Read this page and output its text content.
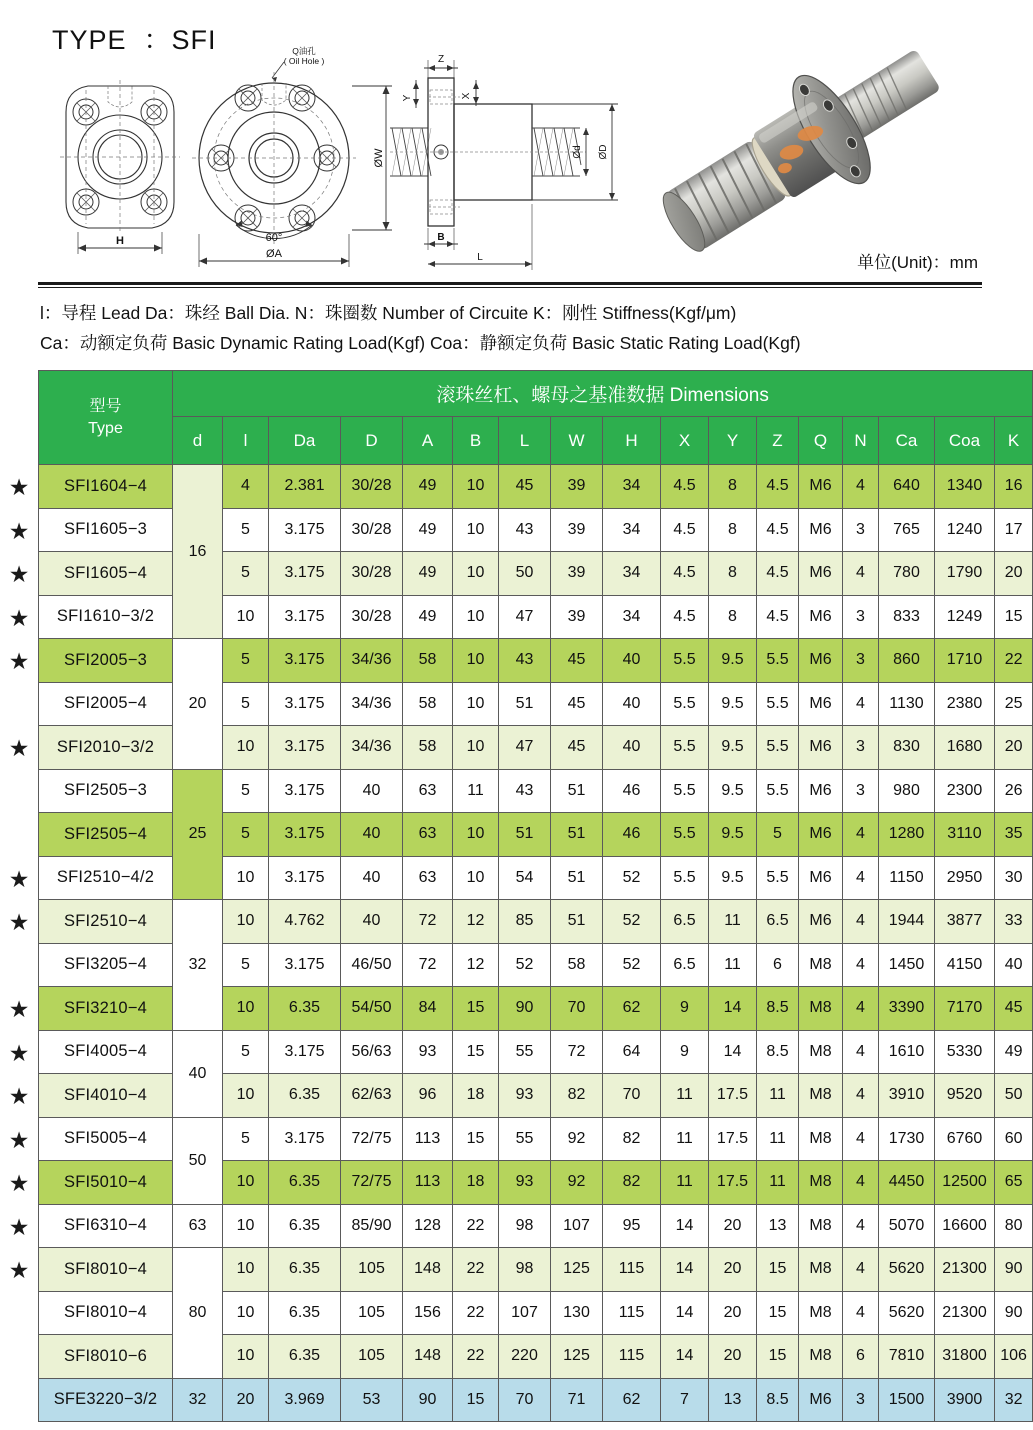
TYPE  ：SFI
H
Q油孔
( Oil Hole )
60°
ØA
ØW
Z
Y	X
Ød ØD
B
L	单位(Unit)：mm
l：导程 Lead Da：珠经 Ball Dia. N：珠圈数 Number of Circuite K：刚性 Stiffness(Kgf/μm)
Ca：动额定负荷 Basic Dynamic Rating Load(Kgf) Coa：静额定负荷 Basic Static Rating Load(Kgf)
★
★
★
★
★
★
★
★
★
★
★
★
★
★
★
型号
Type	滚珠丝杠、螺母之基准数据 Dimensions																
	d	l	Da	D	A	B	L	W	H	X	Y	Z	Q	N	Ca	Coa	K
SFI1604−4	16	4	2.381	30/28	49	10	45	39	34	4.5	8	4.5	M6	4	640	1340	16
SFI1605−3		5	3.175	30/28	49	10	43	39	34	4.5	8	4.5	M6	3	765	1240	17
SFI1605−4		5	3.175	30/28	49	10	50	39	34	4.5	8	4.5	M6	4	780	1790	20
SFI1610−3/2		10	3.175	30/28	49	10	47	39	34	4.5	8	4.5	M6	3	833	1249	15
SFI2005−3	20	5	3.175	34/36	58	10	43	45	40	5.5	9.5	5.5	M6	3	860	1710	22
SFI2005−4		5	3.175	34/36	58	10	51	45	40	5.5	9.5	5.5	M6	4	1130	2380	25
SFI2010−3/2		10	3.175	34/36	58	10	47	45	40	5.5	9.5	5.5	M6	3	830	1680	20
SFI2505−3	25	5	3.175	40	63	11	43	51	46	5.5	9.5	5.5	M6	3	980	2300	26
SFI2505−4		5	3.175	40	63	10	51	51	46	5.5	9.5	5	M6	4	1280	3110	35
SFI2510−4/2		10	3.175	40	63	10	54	51	52	5.5	9.5	5.5	M6	4	1150	2950	30
SFI2510−4	32	10	4.762	40	72	12	85	51	52	6.5	11	6.5	M6	4	1944	3877	33
SFI3205−4		5	3.175	46/50	72	12	52	58	52	6.5	11	6	M8	4	1450	4150	40
SFI3210−4		10	6.35	54/50	84	15	90	70	62	9	14	8.5	M8	4	3390	7170	45
SFI4005−4	40	5	3.175	56/63	93	15	55	72	64	9	14	8.5	M8	4	1610	5330	49
SFI4010−4		10	6.35	62/63	96	18	93	82	70	11	17.5	11	M8	4	3910	9520	50
SFI5005−4	50	5	3.175	72/75	113	15	55	92	82	11	17.5	11	M8	4	1730	6760	60
SFI5010−4		10	6.35	72/75	113	18	93	92	82	11	17.5	11	M8	4	4450	12500	65
SFI6310−4	63	10	6.35	85/90	128	22	98	107	95	14	20	13	M8	4	5070	16600	80
SFI8010−4	80	10	6.35	105	148	22	98	125	115	14	20	15	M8	4	5620	21300	90
SFI8010−4		10	6.35	105	156	22	107	130	115	14	20	15	M8	4	5620	21300	90
SFI8010−6		10	6.35	105	148	22	220	125	115	14	20	15	M8	6	7810	31800	106
SFE3220−3/2	32	20	3.969	53	90	15	70	71	62	7	13	8.5	M6	3	1500	3900	32
